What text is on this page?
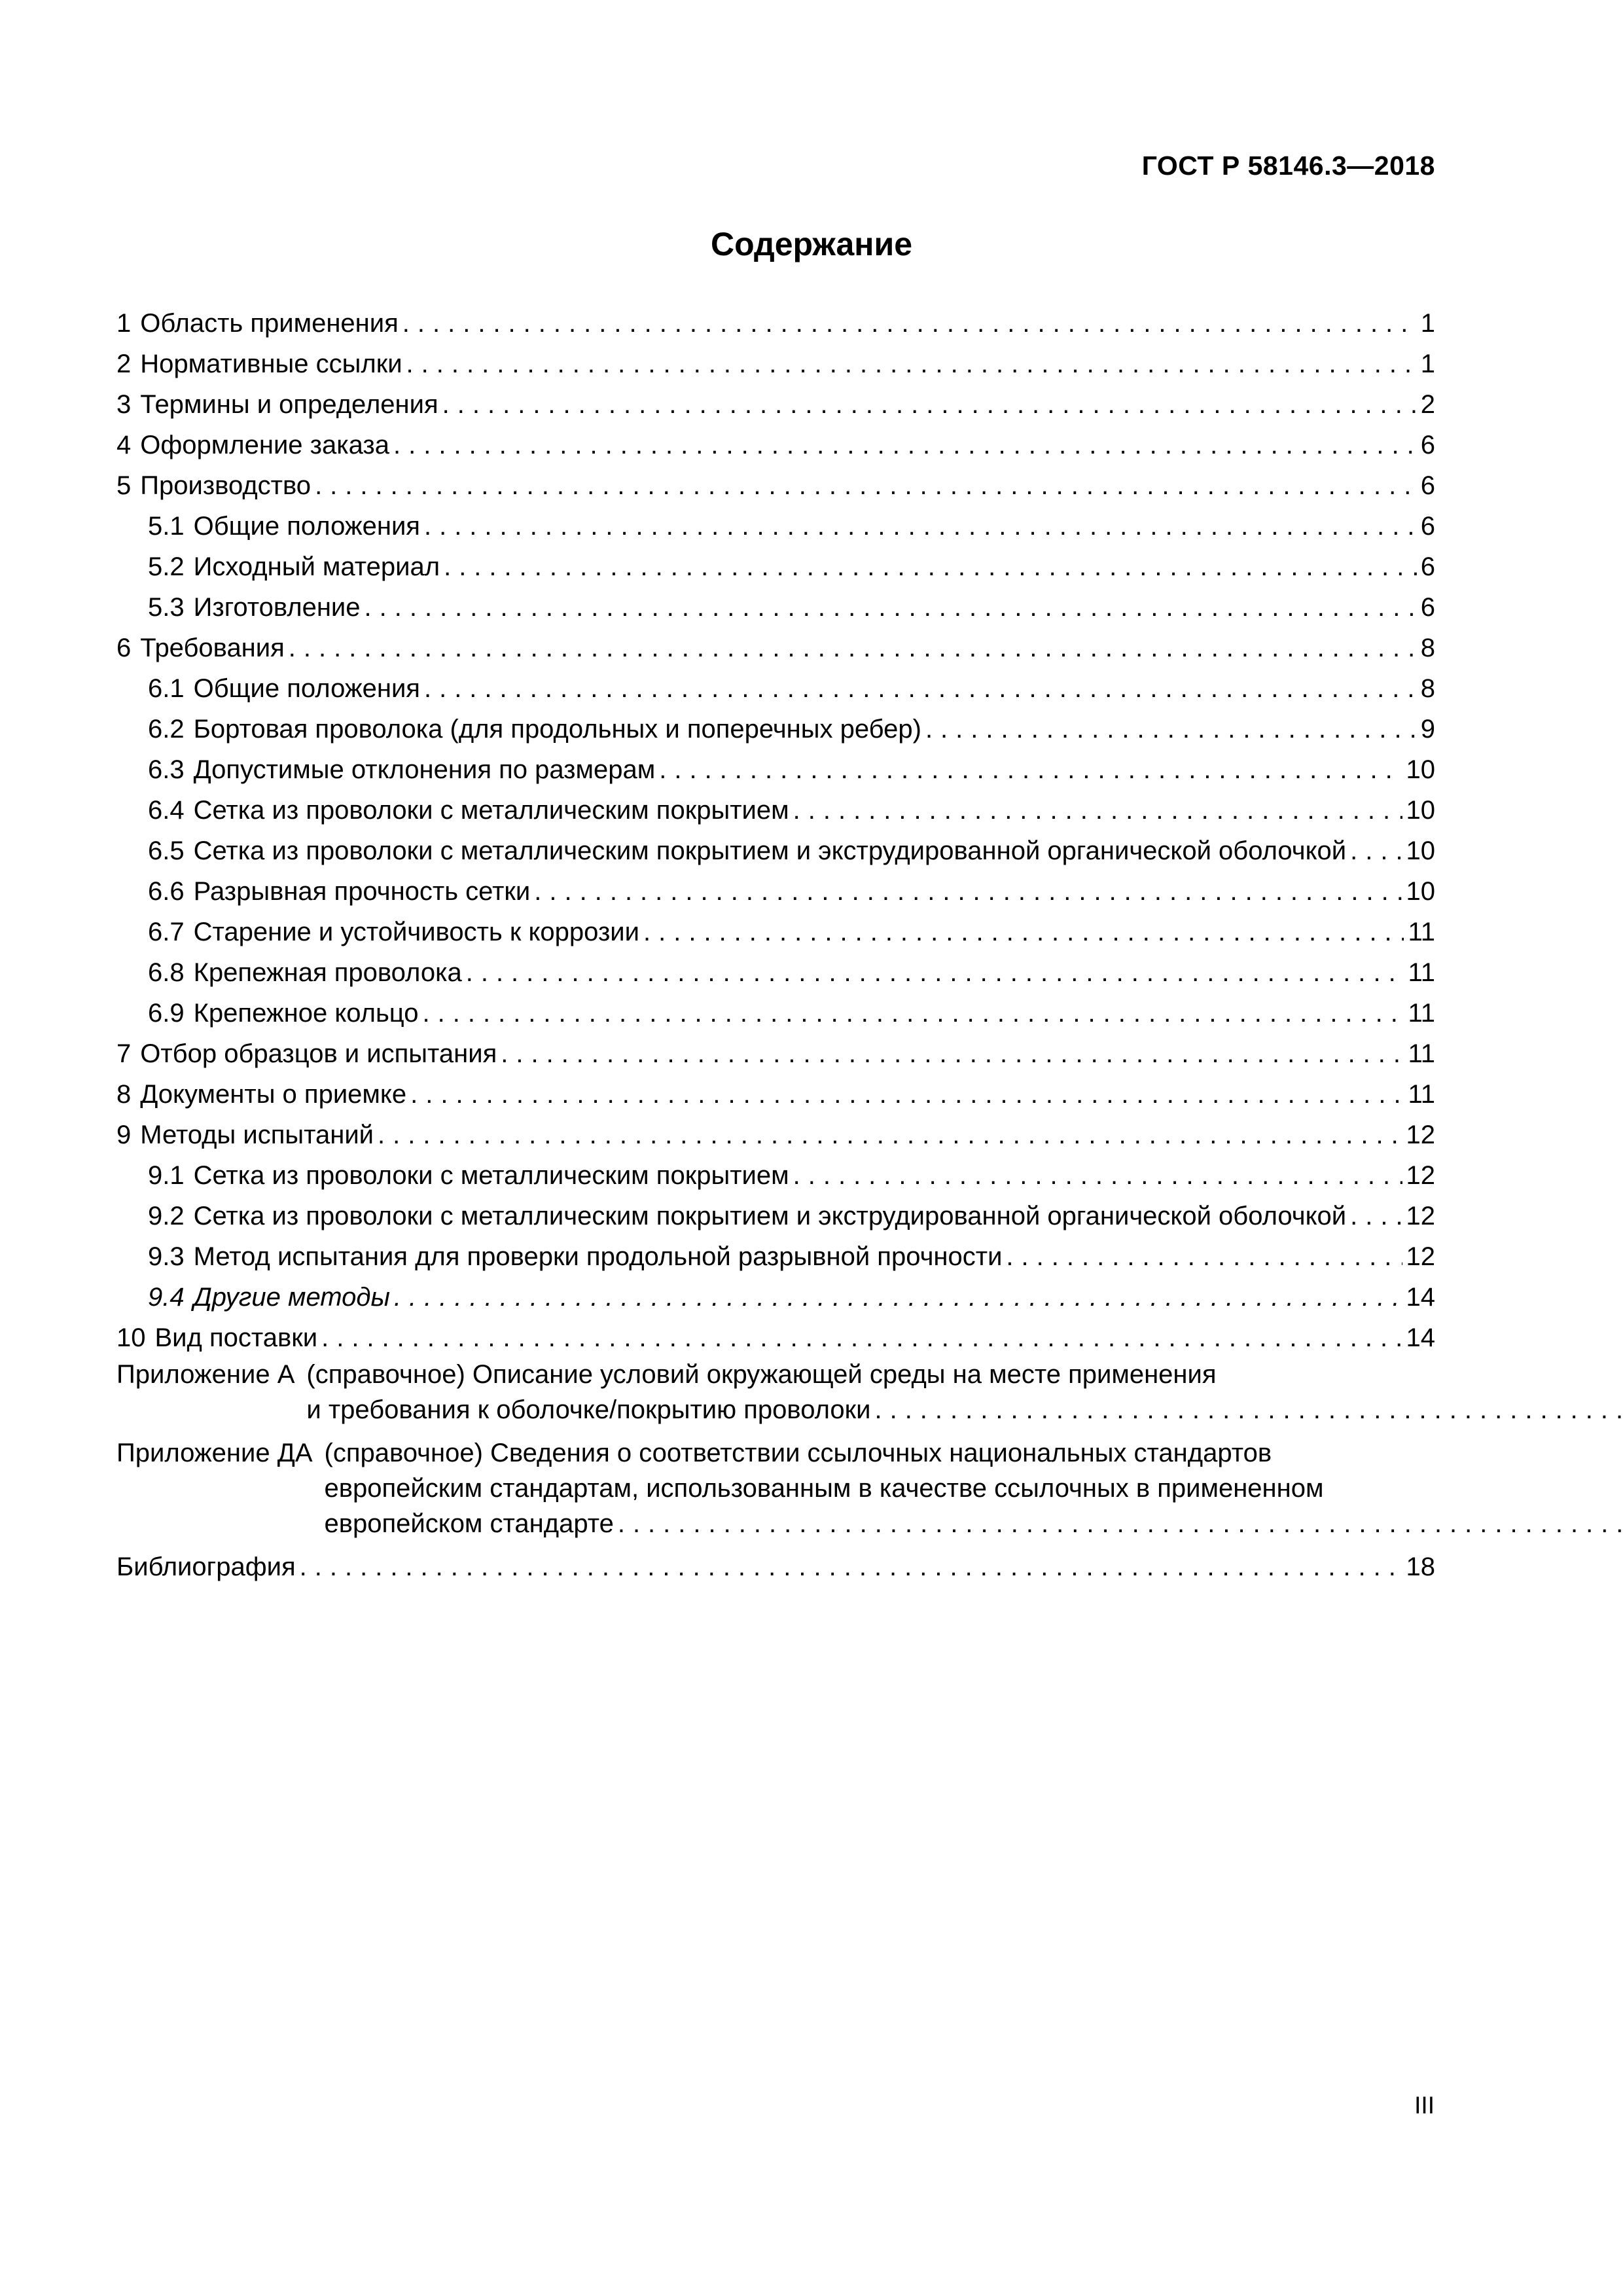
ГОСТ Р 58146.3—2018
Содержание
1 Область применения .....	1
2 Нормативные ссылки .....	1
3 Термины и определения .....	2
4 Оформление заказа .....	6
5 Производство .....	6
5.1 Общие положения .....	6
5.2 Исходный материал .....	6
5.3 Изготовление .....	6
6 Требования .....	8
6.1 Общие положения .....	8
6.2 Бортовая проволока (для продольных и поперечных ребер) .....	9
6.3 Допустимые отклонения по размерам .....	10
6.4 Сетка из проволоки с металлическим покрытием .....	10
6.5 Сетка из проволоки с металлическим покрытием и экструдированной органической оболочкой ..... 10
6.6 Разрывная прочность сетки .....	10
6.7 Старение и устойчивость к коррозии .....	11
6.8 Крепежная проволока .....	11
6.9 Крепежное кольцо .....	11
7 Отбор образцов и испытания .....	11
8 Документы о приемке .....	11
9 Методы испытаний .....	12
9.1 Сетка из проволоки с металлическим покрытием .....	12
9.2 Сетка из проволоки с металлическим покрытием и экструдированной органической оболочкой ..... 12
9.3 Метод испытания для проверки продольной разрывной прочности .....	12
9.4 Другие методы .....	14
10 Вид поставки .....	14
Приложение А (справочное) Описание условий окружающей среды на месте применения
и требования к оболочке/покрытию проволоки
.....
Приложение ДА (справочное) Сведения о соответствии ссылочных национальных стандартов
европейским стандартам, использованным в качестве ссылочных в примененном
европейском стандарте
.....
Библиография .....	18
III
